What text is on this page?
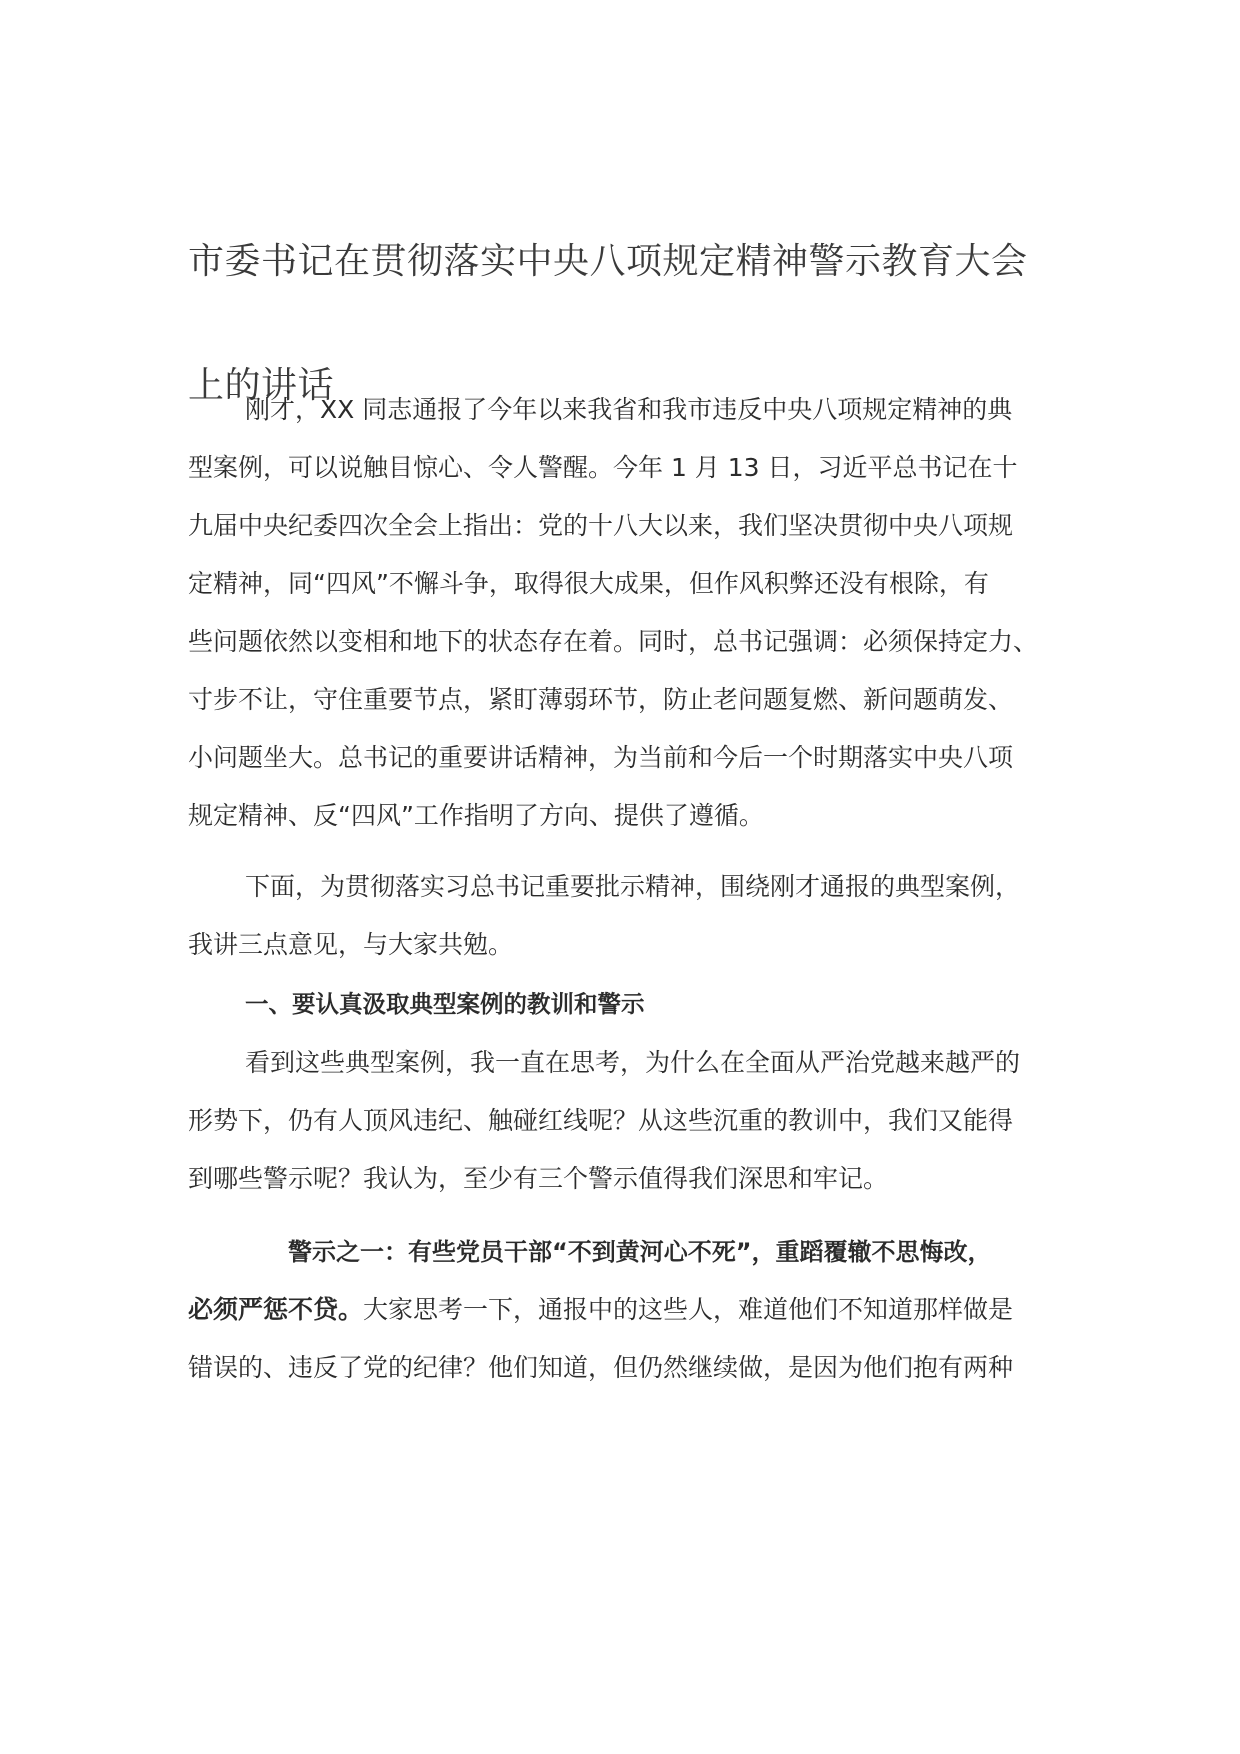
市委书记在贯彻落实中央八项规定精神警示教育大会
上的讲话
刚才，XX 同志通报了今年以来我省和我市违反中央八项规定精神的典
型案例，可以说触目惊心、令人警醒。今年 1 月 13 日，习近平总书记在十
九届中央纪委四次全会上指出：党的十八大以来，我们坚决贯彻中央八项规
定精神，同“四风”不懈斗争，取得很大成果，但作风积弊还没有根除，有
些问题依然以变相和地下的状态存在着。同时，总书记强调：必须保持定力、
寸步不让，守住重要节点，紧盯薄弱环节，防止老问题复燃、新问题萌发、
小问题坐大。总书记的重要讲话精神，为当前和今后一个时期落实中央八项
规定精神、反“四风”工作指明了方向、提供了遵循。
下面，为贯彻落实习总书记重要批示精神，围绕刚才通报的典型案例，
我讲三点意见，与大家共勉。
一、要认真汲取典型案例的教训和警示
看到这些典型案例，我一直在思考，为什么在全面从严治党越来越严的
形势下，仍有人顶风违纪、触碰红线呢？从这些沉重的教训中，我们又能得
到哪些警示呢？我认为，至少有三个警示值得我们深思和牢记。
警示之一：有些党员干部“不到黄河心不死”，重蹈覆辙不思悔改，
必须严惩不贷。大家思考一下，通报中的这些人，难道他们不知道那样做是
错误的、违反了党的纪律？他们知道，但仍然继续做，是因为他们抱有两种
